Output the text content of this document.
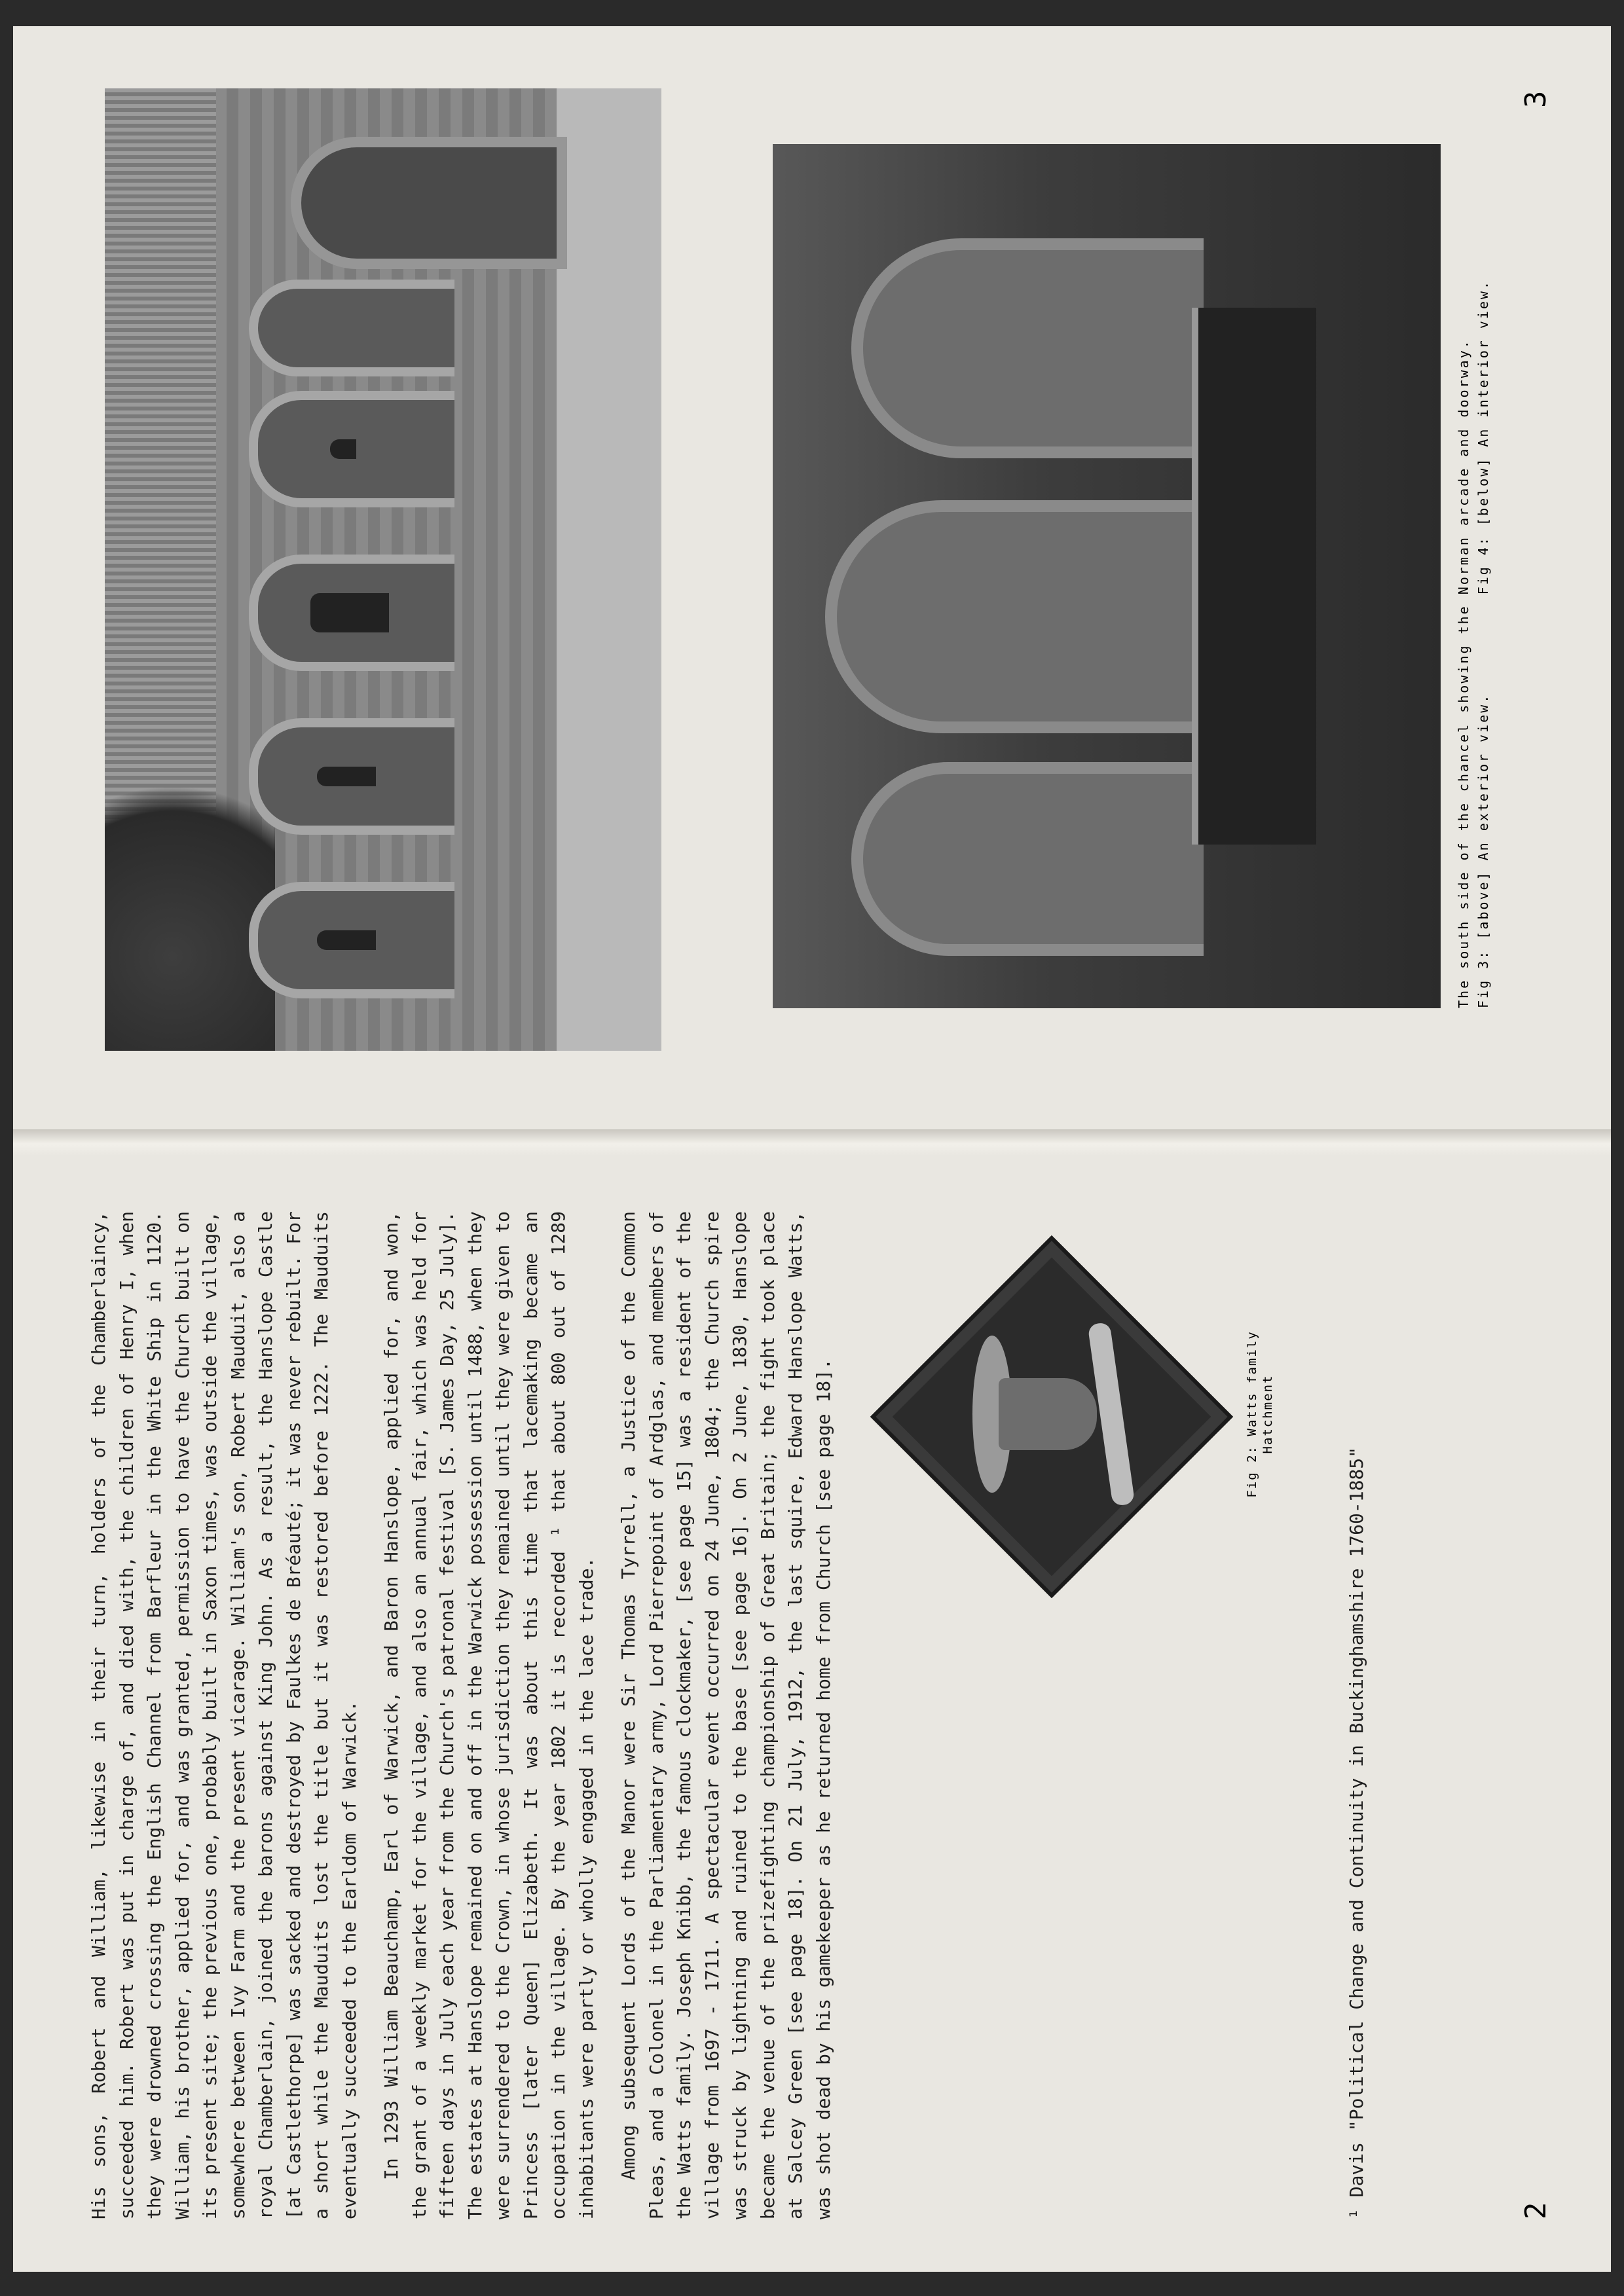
The south side of the chancel showing the Norman arcade and doorway. Fig 3: [above] An exterior view.          Fig 4: [below] An interior view.
3

His sons, Robert and William, likewise in their turn, holders of the Chamberlaincy, succeeded him. Robert was put in charge of, and died with, the children of Henry I, when they were drowned crossing the English Channel from Barfleur in the White Ship in 1120. William, his brother, applied for, and was granted, permission to have the Church built on its present site; the previous one, probably built in Saxon times, was outside the village, somewhere between Ivy Farm and the present vicarage. William's son, Robert Mauduit, also a royal Chamberlain, joined the barons against King John. As a result, the Hanslope Castle [at Castlethorpe] was sacked and destroyed by Faulkes de Bréauté; it was never rebuilt. For a short while the Mauduits lost the title but it was restored before 1222. The Mauduits eventually succeeded to the Earldom of Warwick. In 1293 William Beauchamp, Earl of Warwick, and Baron Hanslope, applied for, and won, the grant of a weekly market for the village, and also an annual fair, which was held for fifteen days in July each year from the Church's patronal festival [S. James Day, 25 July]. The estates at Hanslope remained on and off in the Warwick possession until 1488, when they were surrendered to the Crown, in whose jurisdiction they remained until they were given to Princess [later Queen] Elizabeth. It was about this time that lacemaking became an occupation in the village. By the year 1802 it is recorded ¹ that about 800 out of 1289 inhabitants were partly or wholly engaged in the lace trade. Among subsequent Lords of the Manor were Sir Thomas Tyrrell, a Justice of the Common Pleas, and a Colonel in the Parliamentary army, Lord Pierrepoint of Ardglas, and members of the Watts family. Joseph Knibb, the famous clockmaker, [see page 15] was a resident of the village from 1697 - 1711. A spectacular event occurred on 24 June, 1804; the Church spire was struck by lightning and ruined to the base [see page 16]. On 2 June, 1830, Hanslope became the venue of the prizefighting championship of Great Britain; the fight took place at Salcey Green [see page 18]. On 21 July, 1912, the last squire, Edward Hanslope Watts, was shot dead by his gamekeeper as he returned home from Church [see page 18].	Fig 2: Watts family Hatchment
¹ Davis "Political Change and Continuity in Buckinghamshire 1760-1885"	2
